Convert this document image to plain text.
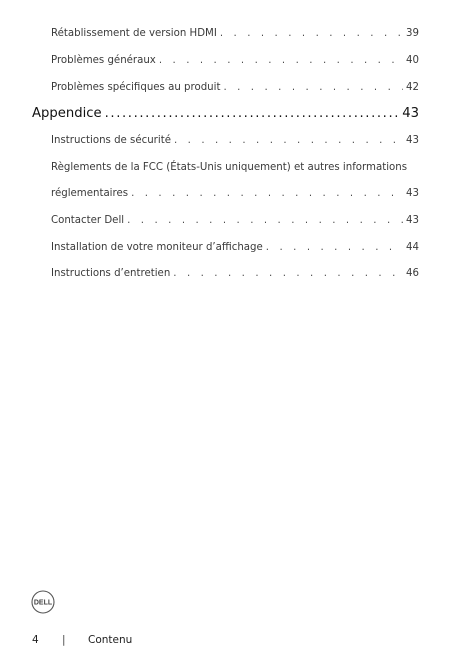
Rétablissement de version HDMI . . .	39
Problèmes généraux . . .	40
Problèmes spécifiques au produit . . .	42
Appendice .....	43
Instructions de sécurité . . .	43
Règlements de la FCC (États-Unis uniquement) et autres informations
réglementaires . . .	43
Contacter Dell . . .	43
Installation de votre moniteur d’affichage . . .	44
Instructions d’entretien . . .	46
DELL
4 | Contenu
